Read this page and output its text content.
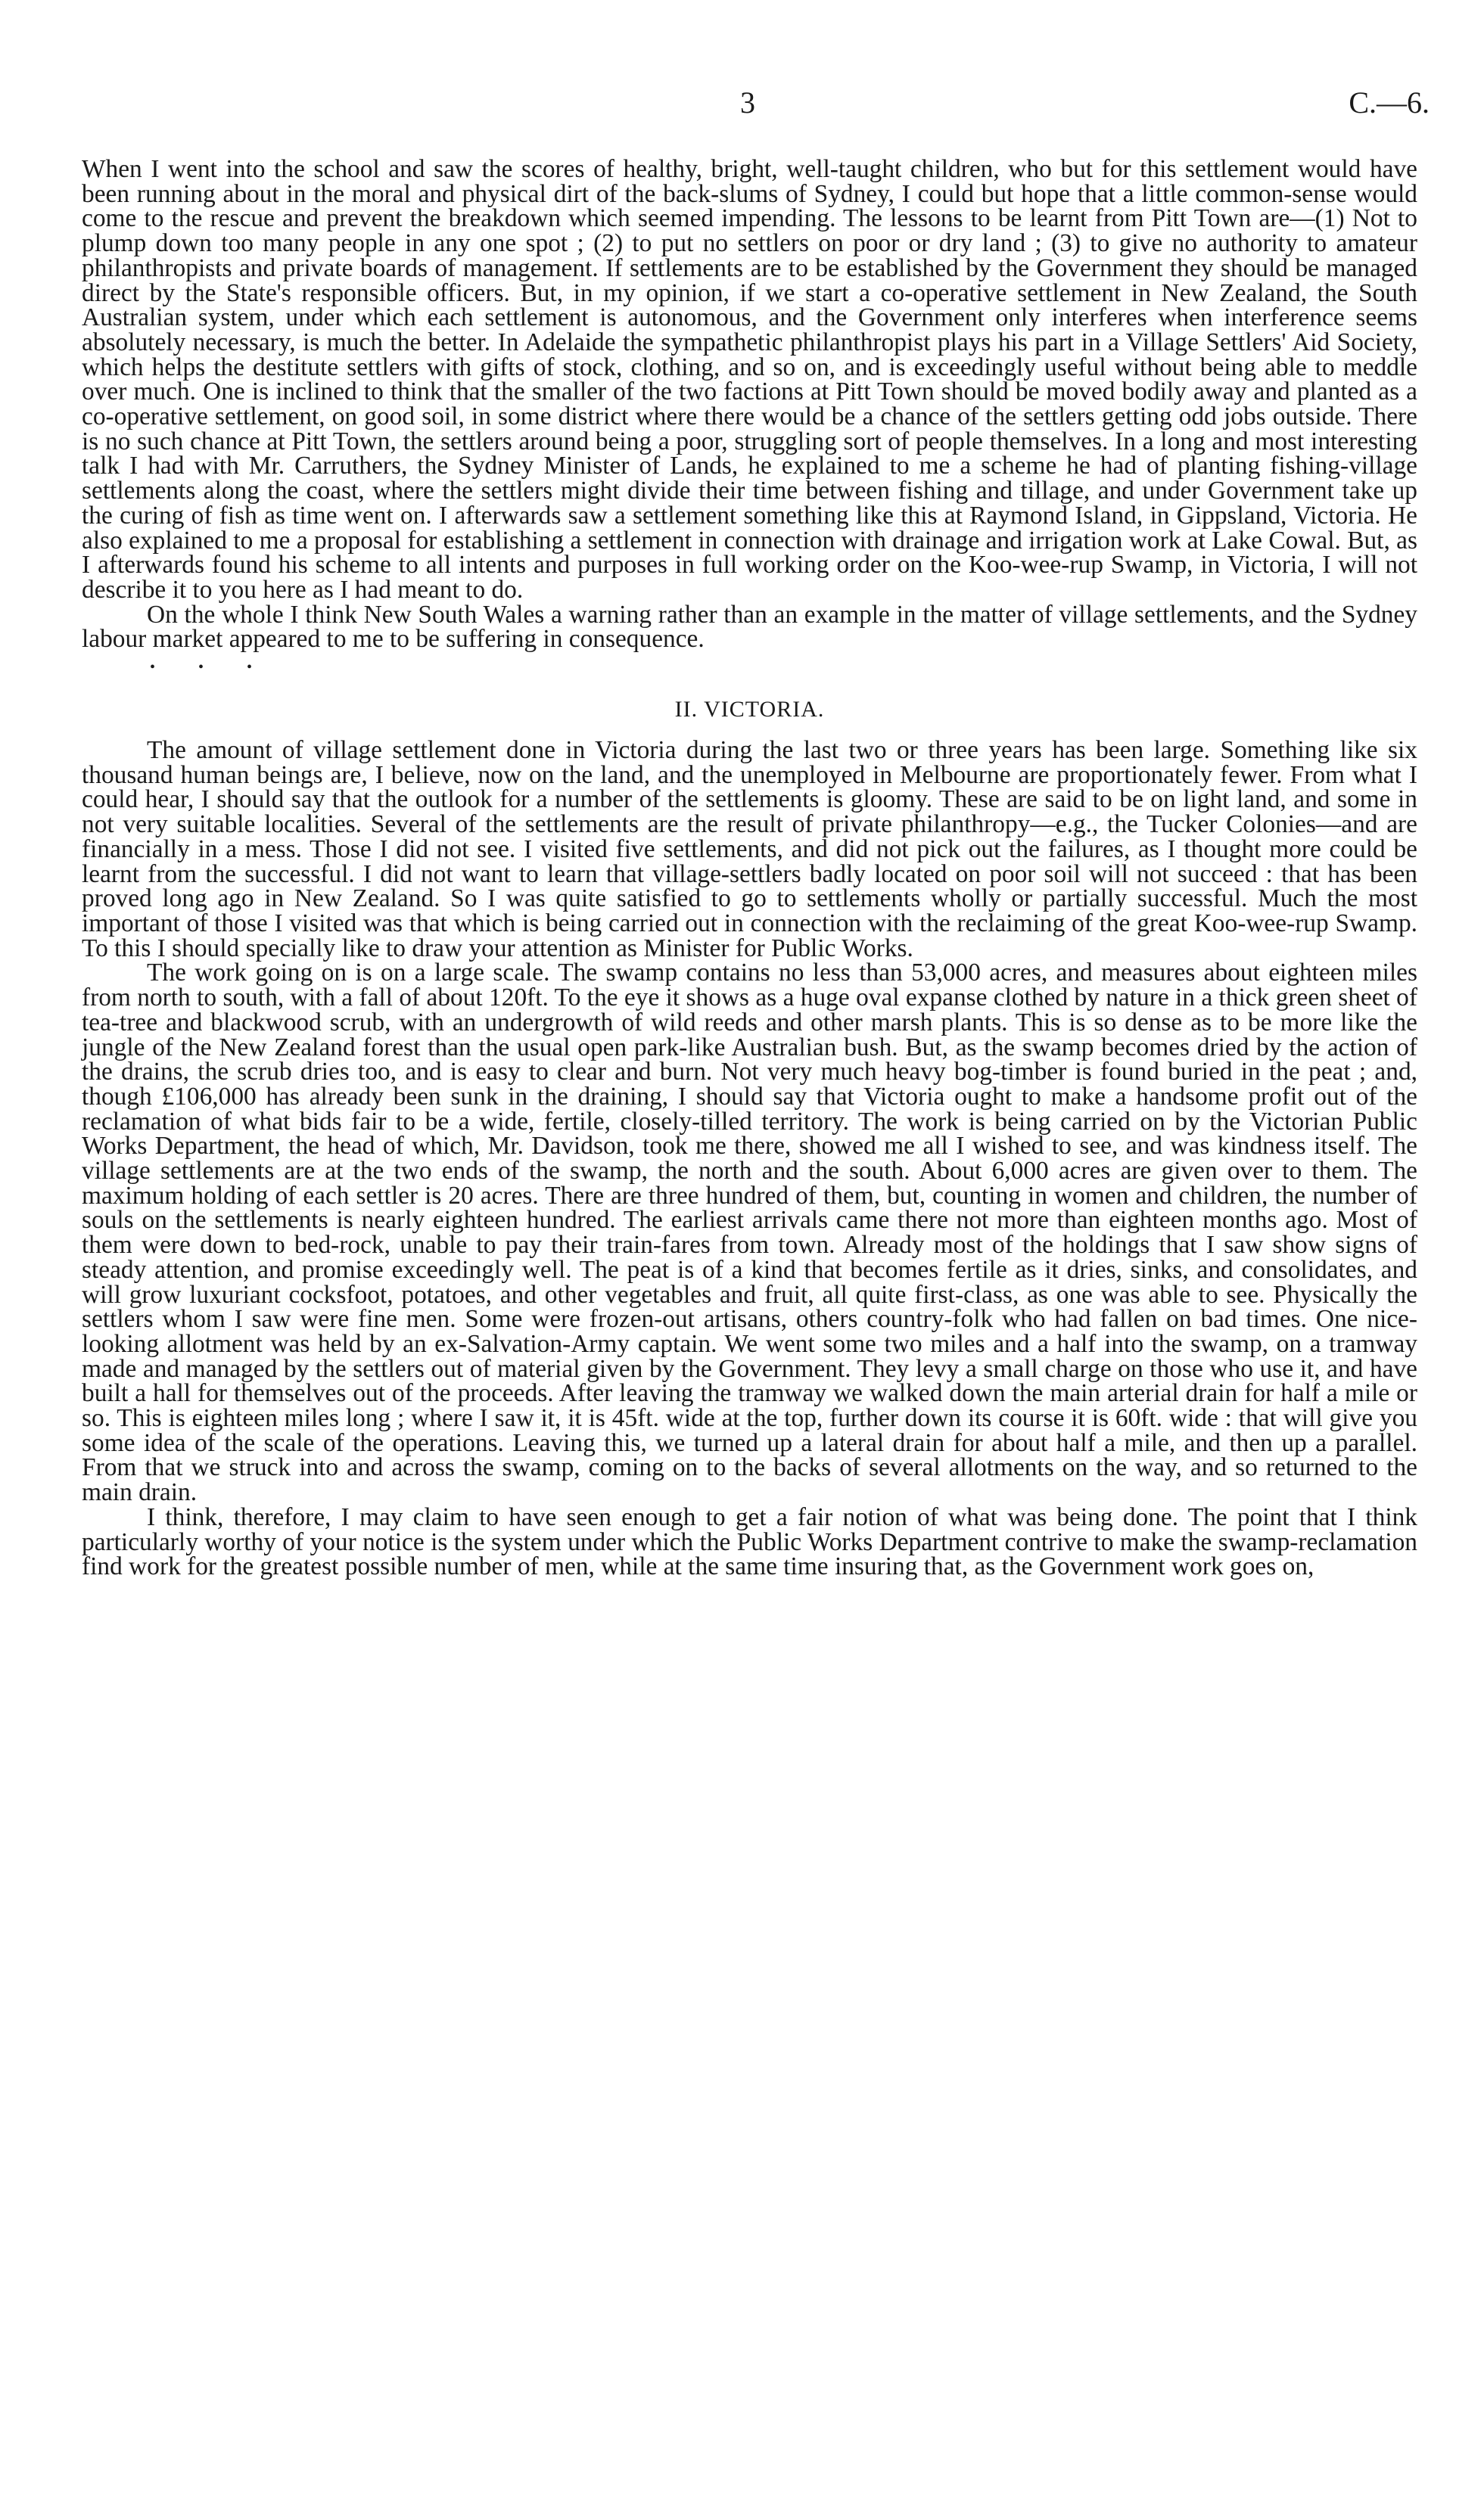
3	C.—6.

When I went into the school and saw the scores of healthy, bright, well-taught children, who but for this settlement would have been running about in the moral and physical dirt of the back-slums of Sydney, I could but hope that a little common-sense would come to the rescue and prevent the breakdown which seemed impending. The lessons to be learnt from Pitt Town are—(1) Not to plump down too many people in any one spot ; (2) to put no settlers on poor or dry land ; (3) to give no authority to amateur philanthropists and private boards of management. If settlements are to be established by the Government they should be managed direct by the State's responsible officers. But, in my opinion, if we start a co-operative settlement in New Zealand, the South Australian system, under which each settlement is autonomous, and the Government only interferes when interference seems absolutely necessary, is much the better. In Adelaide the sympathetic philanthropist plays his part in a Village Settlers' Aid Society, which helps the destitute settlers with gifts of stock, clothing, and so on, and is exceedingly useful without being able to meddle over much. One is inclined to think that the smaller of the two factions at Pitt Town should be moved bodily away and planted as a co-operative settlement, on good soil, in some district where there would be a chance of the settlers getting odd jobs outside. There is no such chance at Pitt Town, the settlers around being a poor, struggling sort of people themselves. In a long and most interesting talk I had with Mr. Carruthers, the Sydney Minister of Lands, he explained to me a scheme he had of planting fishing-village settlements along the coast, where the settlers might divide their time between fishing and tillage, and under Government take up the curing of fish as time went on. I afterwards saw a settlement something like this at Raymond Island, in Gippsland, Victoria. He also explained to me a proposal for establishing a settlement in connection with drainage and irrigation work at Lake Cowal. But, as I afterwards found his scheme to all intents and purposes in full working order on the Koo-wee-rup Swamp, in Victoria, I will not describe it to you here as I had meant to do.

On the whole I think New South Wales a warning rather than an example in the matter of village settlements, and the Sydney labour market appeared to me to be suffering in consequence.

• • •
II. VICTORIA.

The amount of village settlement done in Victoria during the last two or three years has been large. Something like six thousand human beings are, I believe, now on the land, and the unemployed in Melbourne are proportionately fewer. From what I could hear, I should say that the outlook for a number of the settlements is gloomy. These are said to be on light land, and some in not very suitable localities. Several of the settlements are the result of private philanthropy—e.g., the Tucker Colonies—and are financially in a mess. Those I did not see. I visited five settlements, and did not pick out the failures, as I thought more could be learnt from the successful. I did not want to learn that village-settlers badly located on poor soil will not succeed : that has been proved long ago in New Zealand. So I was quite satisfied to go to settlements wholly or partially successful. Much the most important of those I visited was that which is being carried out in connection with the reclaiming of the great Koo-wee-rup Swamp. To this I should specially like to draw your attention as Minister for Public Works.

The work going on is on a large scale. The swamp contains no less than 53,000 acres, and measures about eighteen miles from north to south, with a fall of about 120ft. To the eye it shows as a huge oval expanse clothed by nature in a thick green sheet of tea-tree and blackwood scrub, with an undergrowth of wild reeds and other marsh plants. This is so dense as to be more like the jungle of the New Zealand forest than the usual open park-like Australian bush. But, as the swamp becomes dried by the action of the drains, the scrub dries too, and is easy to clear and burn. Not very much heavy bog-timber is found buried in the peat ; and, though £106,000 has already been sunk in the draining, I should say that Victoria ought to make a handsome profit out of the reclamation of what bids fair to be a wide, fertile, closely-tilled territory. The work is being carried on by the Victorian Public Works Department, the head of which, Mr. Davidson, took me there, showed me all I wished to see, and was kindness itself. The village settlements are at the two ends of the swamp, the north and the south. About 6,000 acres are given over to them. The maximum holding of each settler is 20 acres. There are three hundred of them, but, counting in women and children, the number of souls on the settlements is nearly eighteen hundred. The earliest arrivals came there not more than eighteen months ago. Most of them were down to bed-rock, unable to pay their train-fares from town. Already most of the holdings that I saw show signs of steady attention, and promise exceedingly well. The peat is of a kind that becomes fertile as it dries, sinks, and consolidates, and will grow luxuriant cocksfoot, potatoes, and other vegetables and fruit, all quite first-class, as one was able to see. Physically the settlers whom I saw were fine men. Some were frozen-out artisans, others country-folk who had fallen on bad times. One nice-looking allotment was held by an ex-Salvation-Army captain. We went some two miles and a half into the swamp, on a tramway made and managed by the settlers out of material given by the Government. They levy a small charge on those who use it, and have built a hall for themselves out of the proceeds. After leaving the tramway we walked down the main arterial drain for half a mile or so. This is eighteen miles long ; where I saw it, it is 45ft. wide at the top, further down its course it is 60ft. wide : that will give you some idea of the scale of the operations. Leaving this, we turned up a lateral drain for about half a mile, and then up a parallel. From that we struck into and across the swamp, coming on to the backs of several allotments on the way, and so returned to the main drain.

I think, therefore, I may claim to have seen enough to get a fair notion of what was being done. The point that I think particularly worthy of your notice is the system under which the Public Works Department contrive to make the swamp-reclamation find work for the greatest possible number of men, while at the same time insuring that, as the Government work goes on,
